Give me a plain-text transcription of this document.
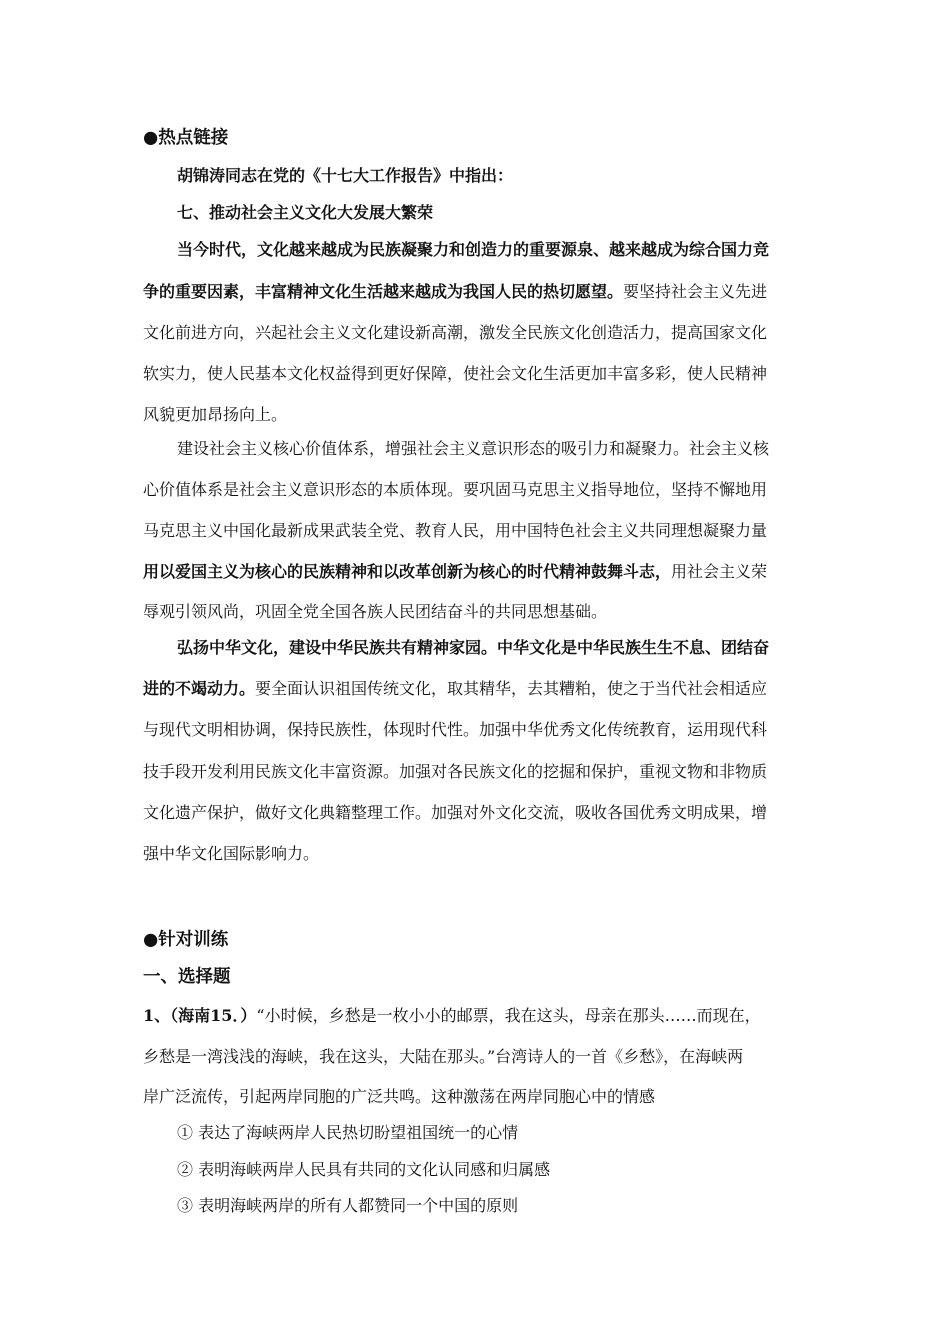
●热点链接
胡锦涛同志在党的《十七大工作报告》中指出：
七、推动社会主义文化大发展大繁荣
当今时代，文化越来越成为民族凝聚力和创造力的重要源泉、越来越成为综合国力竞
争的重要因素，丰富精神文化生活越来越成为我国人民的热切愿望。要坚持社会主义先进
文化前进方向，兴起社会主义文化建设新高潮，激发全民族文化创造活力，提高国家文化
软实力，使人民基本文化权益得到更好保障，使社会文化生活更加丰富多彩，使人民精神
风貌更加昂扬向上。
建设社会主义核心价值体系，增强社会主义意识形态的吸引力和凝聚力。社会主义核
心价值体系是社会主义意识形态的本质体现。要巩固马克思主义指导地位，坚持不懈地用
马克思主义中国化最新成果武装全党、教育人民，用中国特色社会主义共同理想凝聚力量
用以爱国主义为核心的民族精神和以改革创新为核心的时代精神鼓舞斗志，用社会主义荣
辱观引领风尚，巩固全党全国各族人民团结奋斗的共同思想基础。
弘扬中华文化，建设中华民族共有精神家园。中华文化是中华民族生生不息、团结奋
进的不竭动力。要全面认识祖国传统文化，取其精华，去其糟粕，使之于当代社会相适应
与现代文明相协调，保持民族性，体现时代性。加强中华优秀文化传统教育，运用现代科
技手段开发利用民族文化丰富资源。加强对各民族文化的挖掘和保护，重视文物和非物质
文化遗产保护，做好文化典籍整理工作。加强对外文化交流，吸收各国优秀文明成果，增
强中华文化国际影响力。
●针对训练
一、选择题
1、（海南15．）“小时候，乡愁是一枚小小的邮票，我在这头，母亲在那头……而现在，
乡愁是一湾浅浅的海峡，我在这头，大陆在那头。”台湾诗人的一首《乡愁》，在海峡两
岸广泛流传，引起两岸同胞的广泛共鸣。这种激荡在两岸同胞心中的情感
① 表达了海峡两岸人民热切盼望祖国统一的心情
② 表明海峡两岸人民具有共同的文化认同感和归属感
③ 表明海峡两岸的所有人都赞同一个中国的原则
